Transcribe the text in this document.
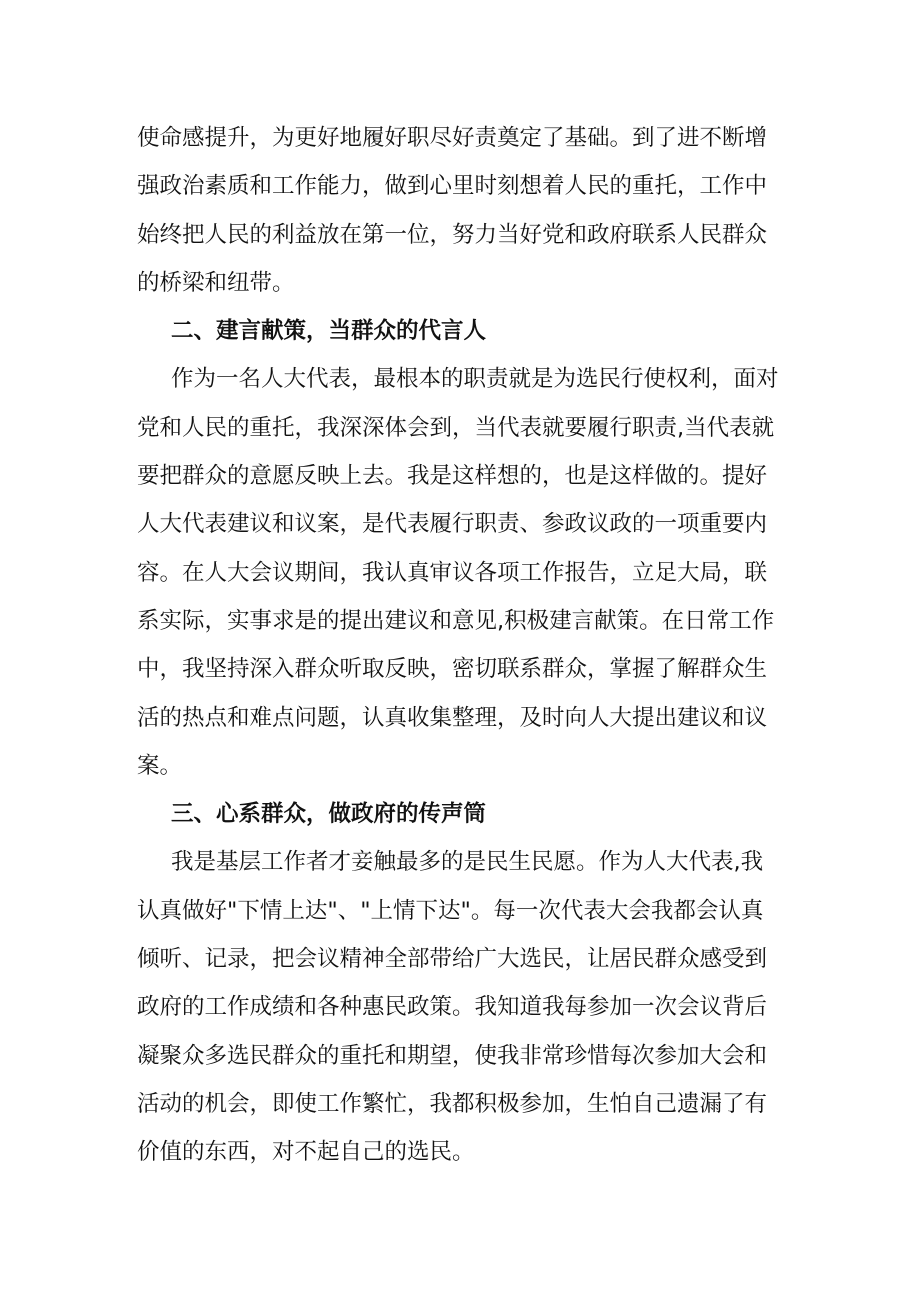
使命感提升，为更好地履好职尽好责奠定了基础。到了进不断增
强政治素质和工作能力，做到心里时刻想着人民的重托，工作中
始终把人民的利益放在第一位，努力当好党和政府联系人民群众
的桥梁和纽带。
二、建言献策，当群众的代言人
作为一名人大代表，最根本的职责就是为选民行使权利，面对
党和人民的重托，我深深体会到，当代表就要履行职责,当代表就
要把群众的意愿反映上去。我是这样想的，也是这样做的。提好
人大代表建议和议案，是代表履行职责、参政议政的一项重要内
容。在人大会议期间，我认真审议各项工作报告，立足大局，联
系实际，实事求是的提出建议和意见,积极建言献策。在日常工作
中，我坚持深入群众听取反映，密切联系群众，掌握了解群众生
活的热点和难点问题，认真收集整理，及时向人大提出建议和议
案。
三、心系群众，做政府的传声筒
我是基层工作者才妾触最多的是民生民愿。作为人大代表,我
认真做好"下情上达"、"上情下达"。每一次代表大会我都会认真
倾听、记录，把会议精神全部带给广大选民，让居民群众感受到
政府的工作成绩和各种惠民政策。我知道我每参加一次会议背后
凝聚众多选民群众的重托和期望，使我非常珍惜每次参加大会和
活动的机会，即使工作繁忙，我都积极参加，生怕自己遗漏了有
价值的东西，对不起自己的选民。
